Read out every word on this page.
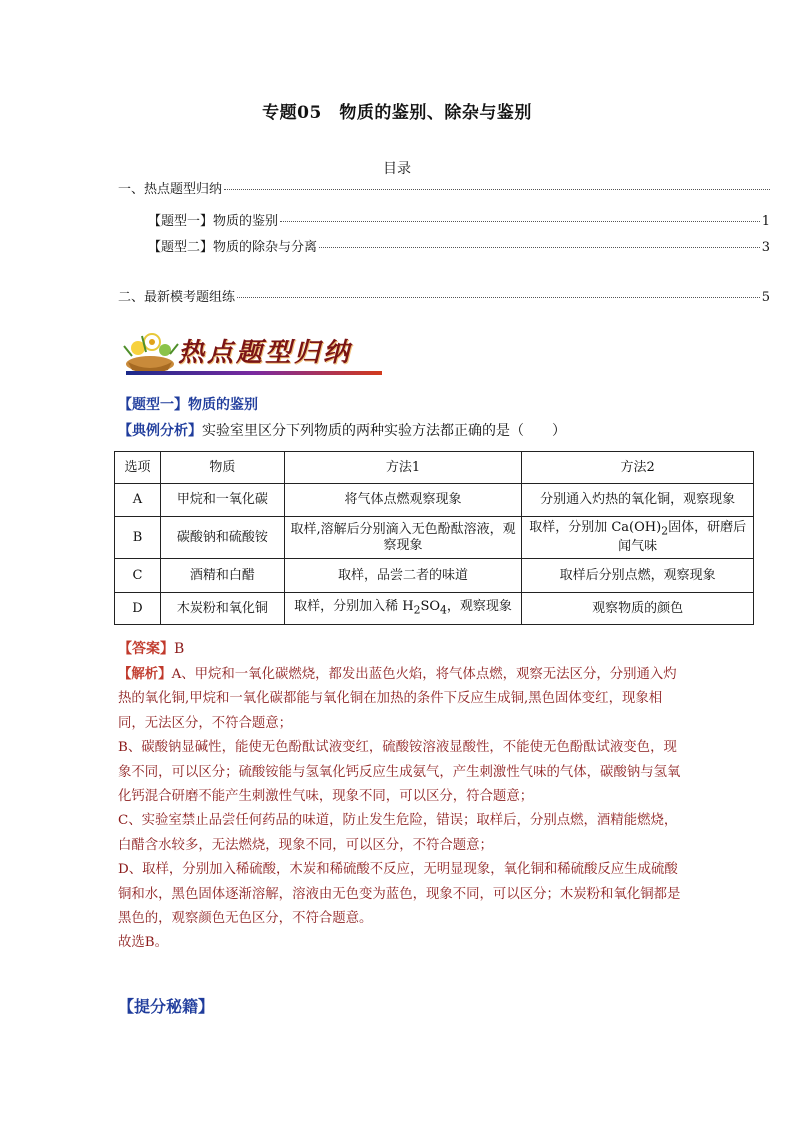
专题05　物质的鉴别、除杂与鉴别
目录
一、热点题型归纳
【题型一】物质的鉴别	1
【题型二】物质的除杂与分离	3
二、最新模考题组练	5
热点题型归纳
【题型一】物质的鉴别
【典例分析】实验室里区分下列物质的两种实验方法都正确的是（　　）
选项	物质	方法1	方法2
A	甲烷和一氧化碳	将气体点燃观察现象	分别通入灼热的氧化铜，观察现象
B	碳酸钠和硫酸铵	取样,溶解后分别滴入无色酚酞溶液，观察现象	取样，分别加 $Ca(OH)_2$固体，研磨后闻气味
C	酒精和白醋	取样，品尝二者的味道	取样后分别点燃，观察现象
D	木炭粉和氧化铜	取样，分别加入稀 $H_2SO_4$，观察现象	观察物质的颜色
【答案】B

【解析】A、甲烷和一氧化碳燃烧，都发出蓝色火焰，将气体点燃，观察无法区分，分别通入灼热的氧化铜,甲烷和一氧化碳都能与氧化铜在加热的条件下反应生成铜,黑色固体变红，现象相同，无法区分，不符合题意；

B、碳酸钠显碱性，能使无色酚酞试液变红，硫酸铵溶液显酸性，不能使无色酚酞试液变色，现象不同，可以区分；硫酸铵能与氢氧化钙反应生成氨气，产生刺激性气味的气体，碳酸钠与氢氧化钙混合研磨不能产生刺激性气味，现象不同，可以区分，符合题意；

C、实验室禁止品尝任何药品的味道，防止发生危险，错误；取样后，分别点燃，酒精能燃烧，白醋含水较多，无法燃烧，现象不同，可以区分，不符合题意；

D、取样，分别加入稀硫酸，木炭和稀硫酸不反应，无明显现象，氧化铜和稀硫酸反应生成硫酸铜和水，黑色固体逐渐溶解，溶液由无色变为蓝色，现象不同，可以区分；木炭粉和氧化铜都是黑色的，观察颜色无色区分，不符合题意。

故选B。

【提分秘籍】
